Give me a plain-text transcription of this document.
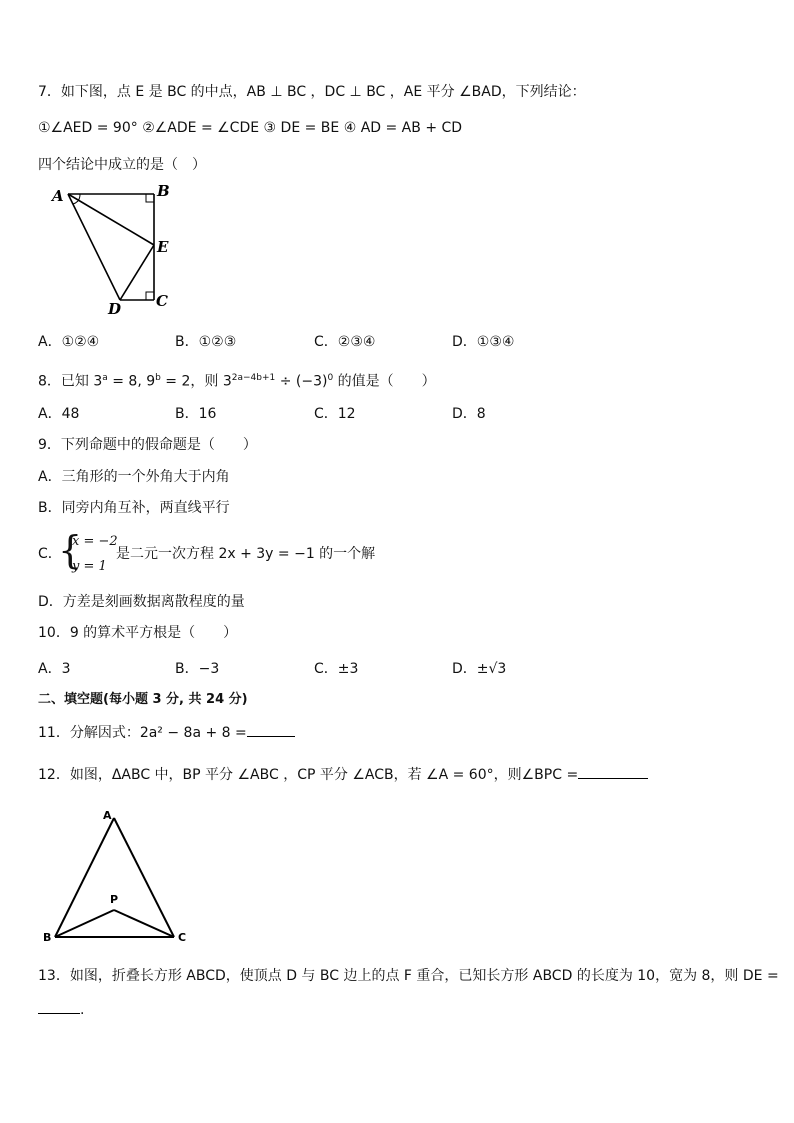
7．如下图，点 E 是 BC 的中点，AB ⊥ BC ，DC ⊥ BC ，AE 平分 ∠BAD，下列结论：
①∠AED = 90° ②∠ADE = ∠CDE ③ DE = BE ④ AD = AB + CD
四个结论中成立的是（　）
A	B
E
C
D
A．①②④	B．①②③	C．②③④	D．①③④
8．已知 $3^a = 8$, $9^b = 2$，则 $3^{2a-4b+1} \div (-3)^0$ 的值是（　　）
A．48	B．16	C．12	D．8
9．下列命题中的假命题是（　　）
A．三角形的一个外角大于内角
B．同旁内角互补，两直线平行
C．
{
x = −2
y = 1
是二元一次方程 2x + 3y = −1 的一个解
D．方差是刻画数据离散程度的量
10．9 的算术平方根是（　　）
A．3	B．−3	C．±3	D．±√3
二、填空题(每小题 3 分, 共 24 分)
11．分解因式：2a² − 8a + 8 =
12．如图，ΔABC 中，BP 平分 ∠ABC ，CP 平分 ∠ACB，若 ∠A = 60°，则∠BPC =
A
P
B	C
13．如图，折叠长方形 ABCD，使顶点 D 与 BC 边上的点 F 重合，已知长方形 ABCD 的长度为 10，宽为 8，则 DE =
.
